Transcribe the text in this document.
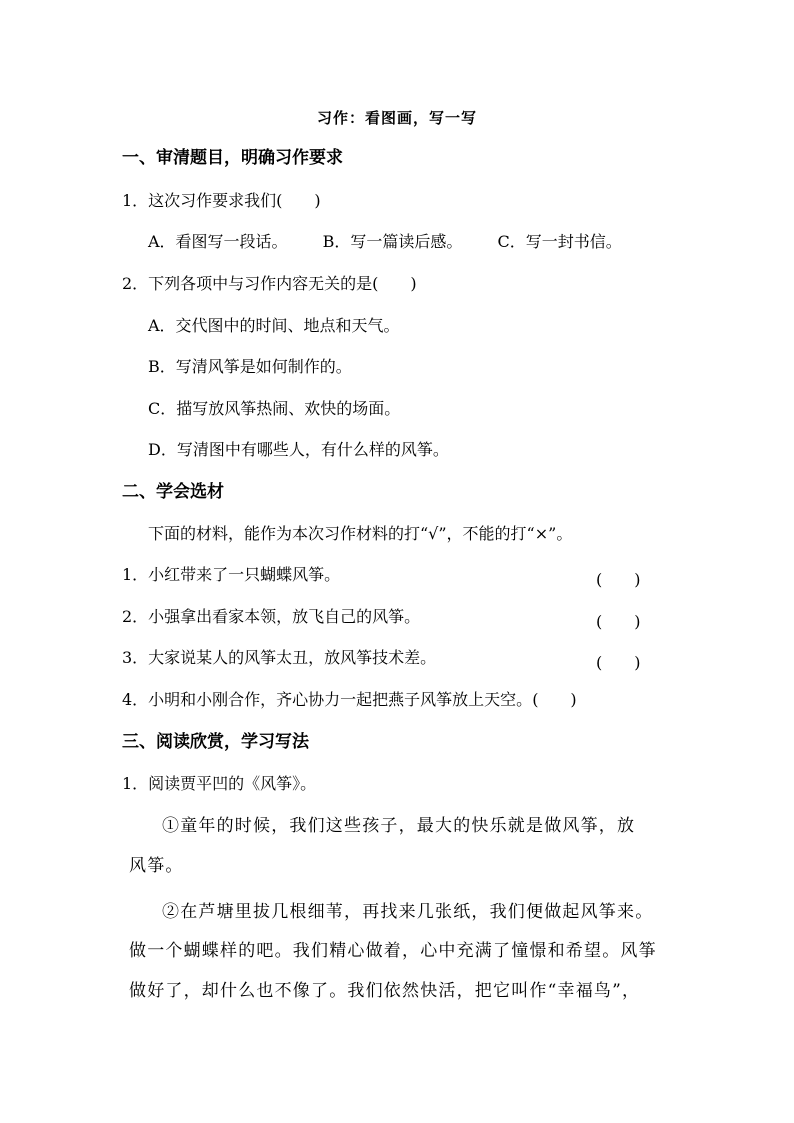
习作：看图画，写一写
一、审清题目，明确习作要求
1．这次习作要求我们(　　)
A．看图写一段话。 B．写一篇读后感。 C．写一封书信。
2．下列各项中与习作内容无关的是(　　)
A．交代图中的时间、地点和天气。
B．写清风筝是如何制作的。
C．描写放风筝热闹、欢快的场面。
D．写清图中有哪些人，有什么样的风筝。
二、学会选材
下面的材料，能作为本次习作材料的打“√”，不能的打“×”。
1．小红带来了一只蝴蝶风筝。	(　　)
2．小强拿出看家本领，放飞自己的风筝。	(　　)
3．大家说某人的风筝太丑，放风筝技术差。	(　　)
4．小明和小刚合作，齐心协力一起把燕子风筝放上天空。(　　)
三、阅读欣赏，学习写法
1．阅读贾平凹的《风筝》。
①童年的时候，我们这些孩子，最大的快乐就是做风筝，放
风筝。
②在芦塘里拔几根细苇，再找来几张纸，我们便做起风筝来。
做一个蝴蝶样的吧。我们精心做着，心中充满了憧憬和希望。风筝
做好了，却什么也不像了。我们依然快活，把它叫作“幸福鸟”，
